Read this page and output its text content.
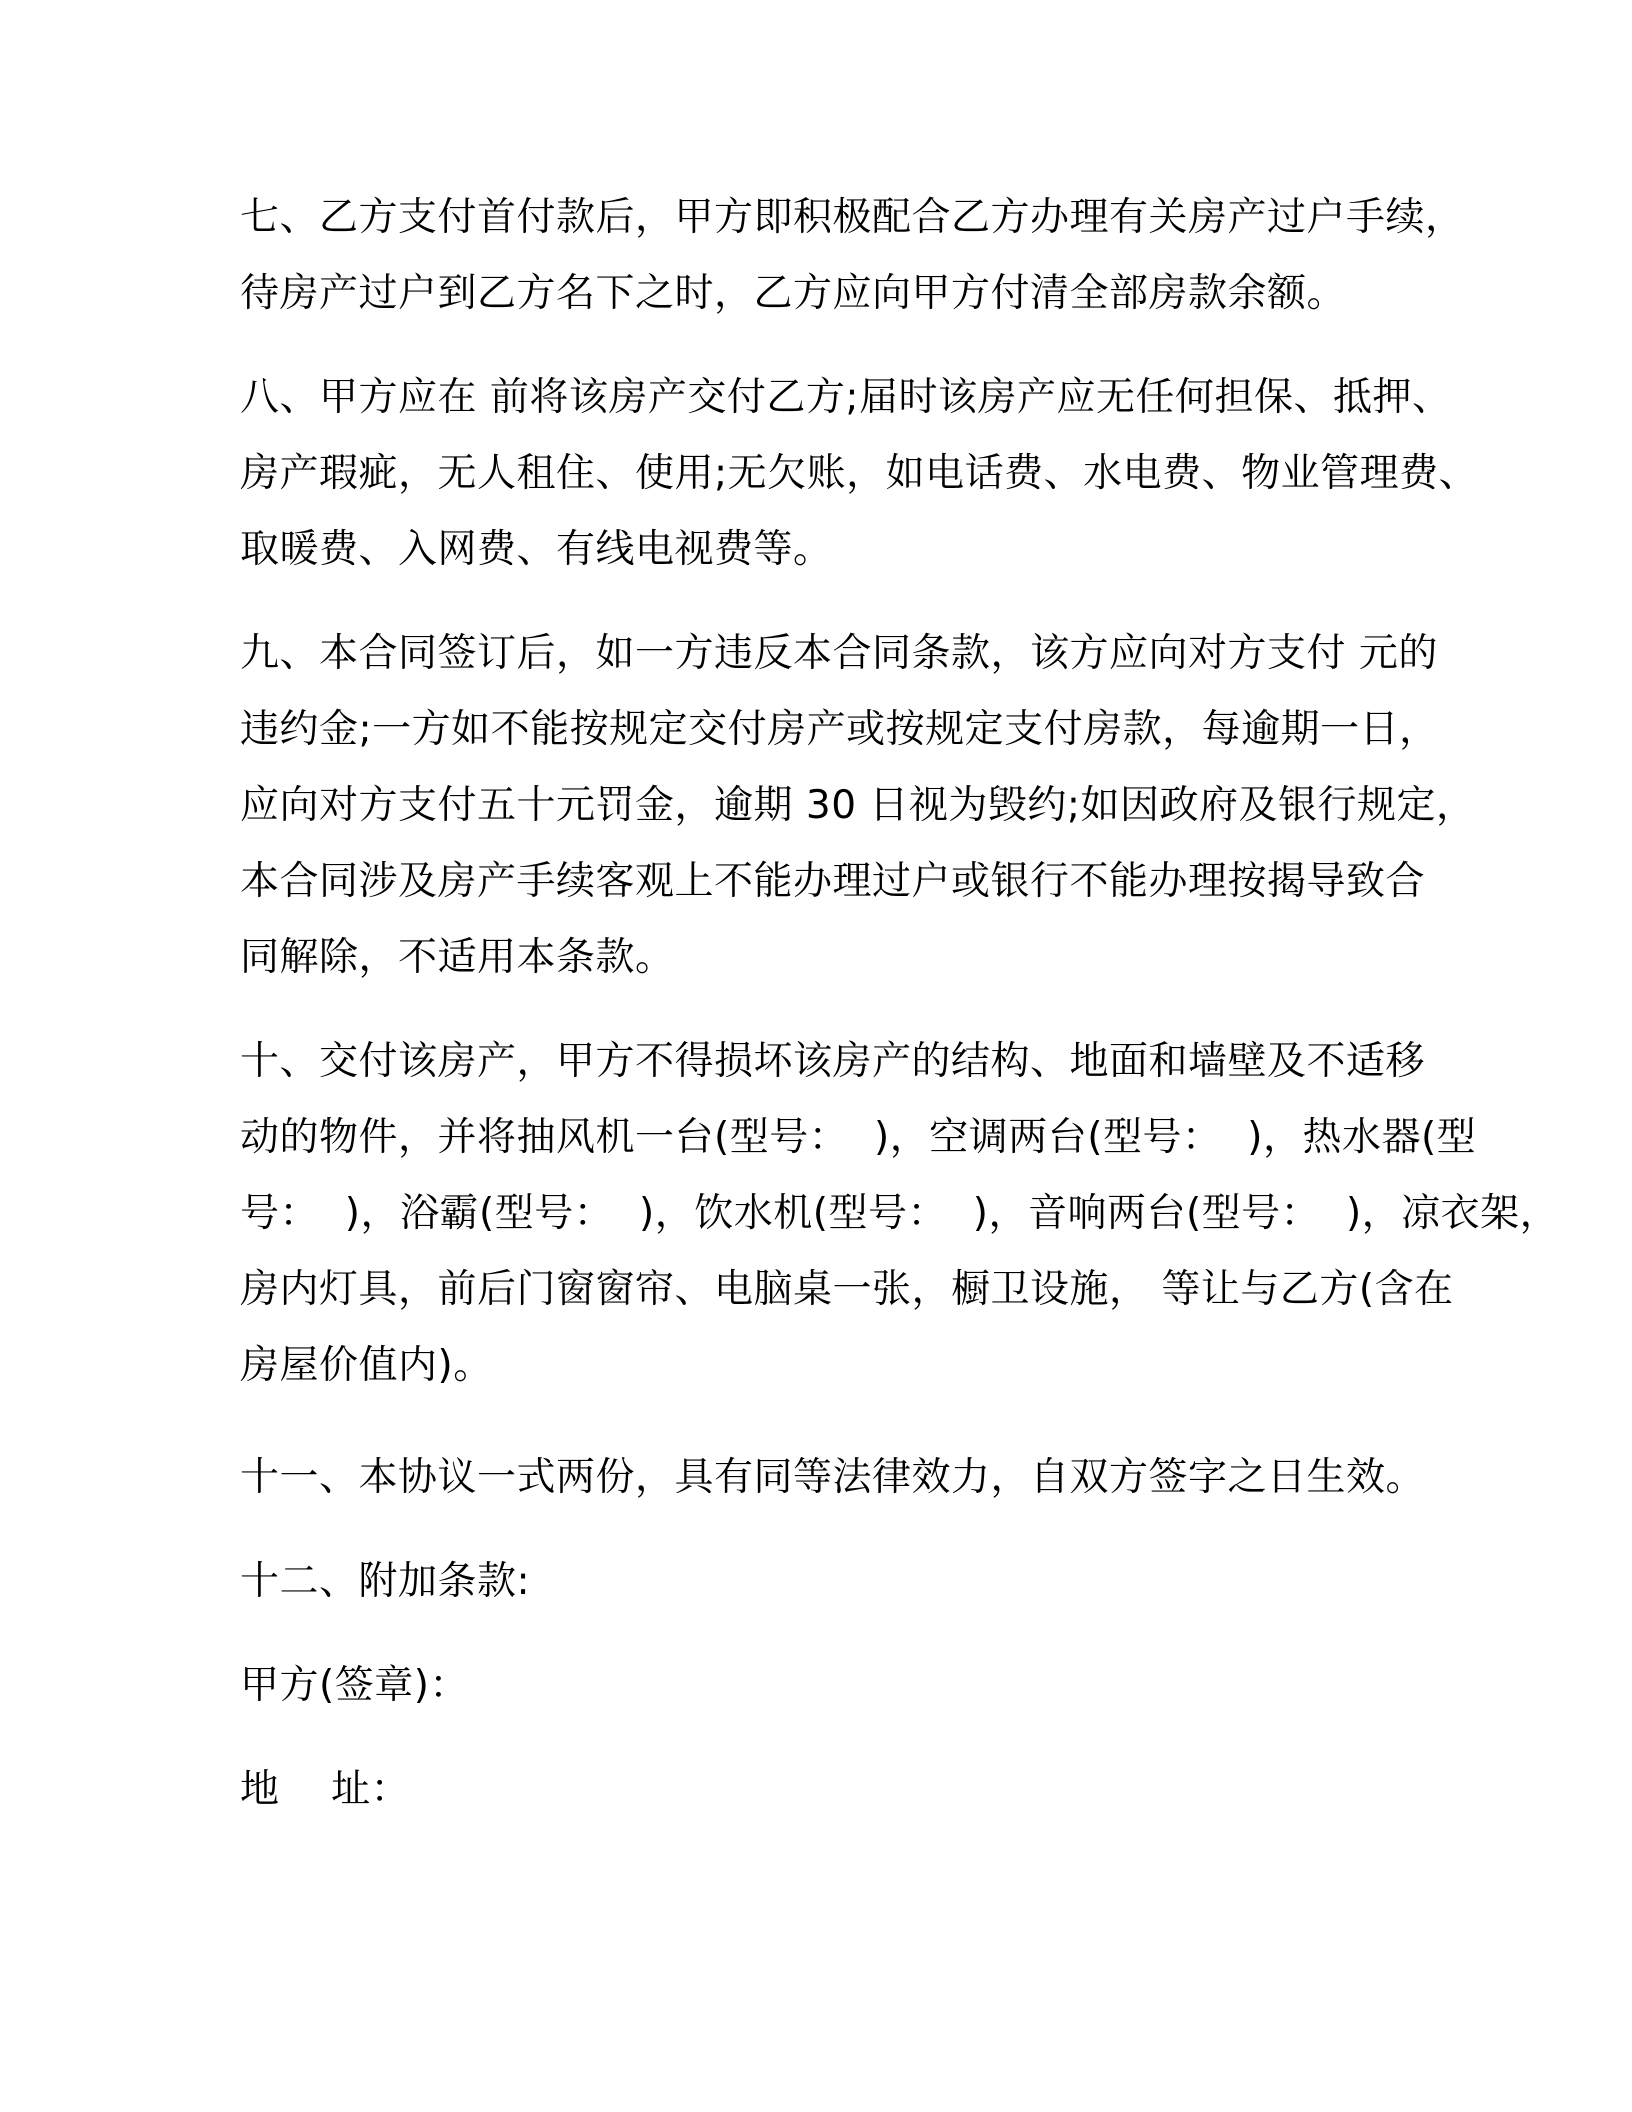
七、乙方支付首付款后，甲方即积极配合乙方办理有关房产过户手续，
待房产过户到乙方名下之时，乙方应向甲方付清全部房款余额。
八、甲方应在 前将该房产交付乙方;届时该房产应无任何担保、抵押、
房产瑕疵，无人租住、使用;无欠账，如电话费、水电费、物业管理费、
取暖费、入网费、有线电视费等。
九、本合同签订后，如一方违反本合同条款，该方应向对方支付 元的
违约金;一方如不能按规定交付房产或按规定支付房款，每逾期一日，
应向对方支付五十元罚金，逾期 30 日视为毁约;如因政府及银行规定，
本合同涉及房产手续客观上不能办理过户或银行不能办理按揭导致合
同解除，不适用本条款。
十、交付该房产，甲方不得损坏该房产的结构、地面和墙壁及不适移
动的物件，并将抽风机一台(型号：  )，空调两台(型号：  )，热水器(型
号：  )，浴霸(型号：  )，饮水机(型号：  )，音响两台(型号：  )，凉衣架，
房内灯具，前后门窗窗帘、电脑桌一张，橱卫设施， 等让与乙方(含在
房屋价值内)。
十一、本协议一式两份，具有同等法律效力，自双方签字之日生效。
十二、附加条款:
甲方(签章)：
地    址：
